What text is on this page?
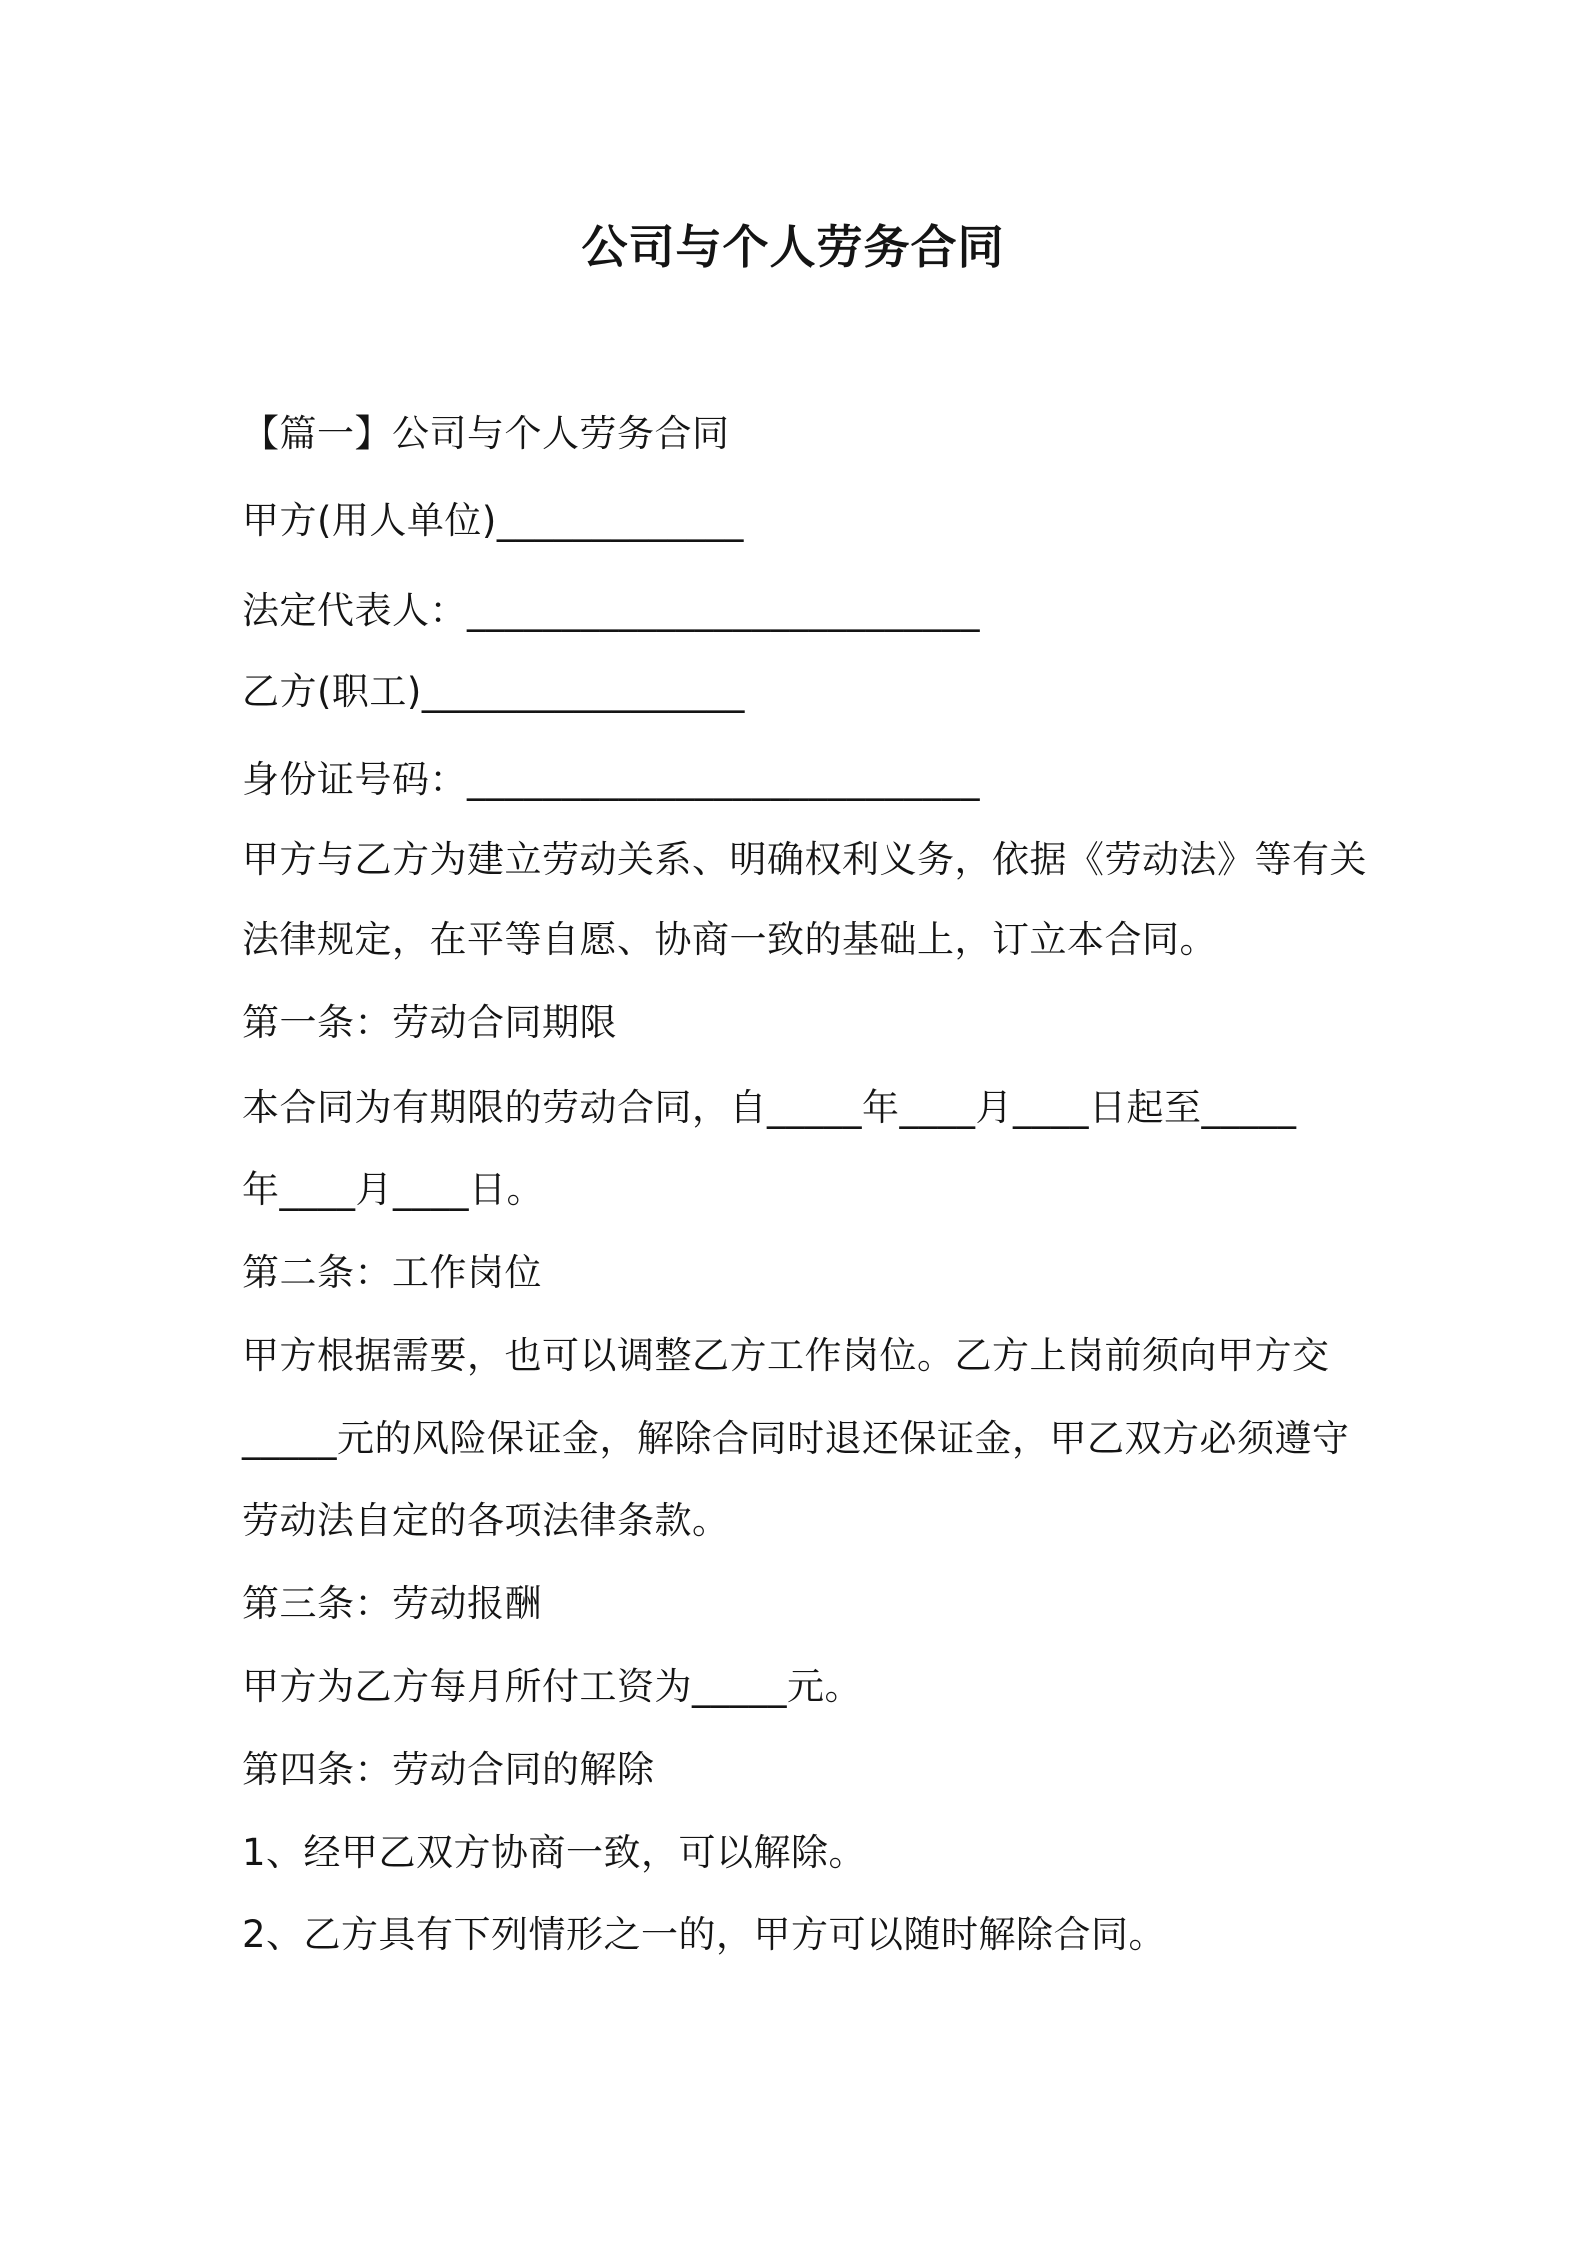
公司与个人劳务合同
【篇一】公司与个人劳务合同
甲方(用人单位)_____________
法定代表人：___________________________
乙方(职工)_________________
身份证号码：___________________________
甲方与乙方为建立劳动关系、明确权利义务，依据《劳动法》等有关
法律规定，在平等自愿、协商一致的基础上，订立本合同。
第一条：劳动合同期限
本合同为有期限的劳动合同，自_____年____月____日起至_____
年____月____日。
第二条：工作岗位
甲方根据需要，也可以调整乙方工作岗位。乙方上岗前须向甲方交
_____元的风险保证金，解除合同时退还保证金，甲乙双方必须遵守
劳动法自定的各项法律条款。
第三条：劳动报酬
甲方为乙方每月所付工资为_____元。
第四条：劳动合同的解除
1、经甲乙双方协商一致，可以解除。
2、乙方具有下列情形之一的，甲方可以随时解除合同。
